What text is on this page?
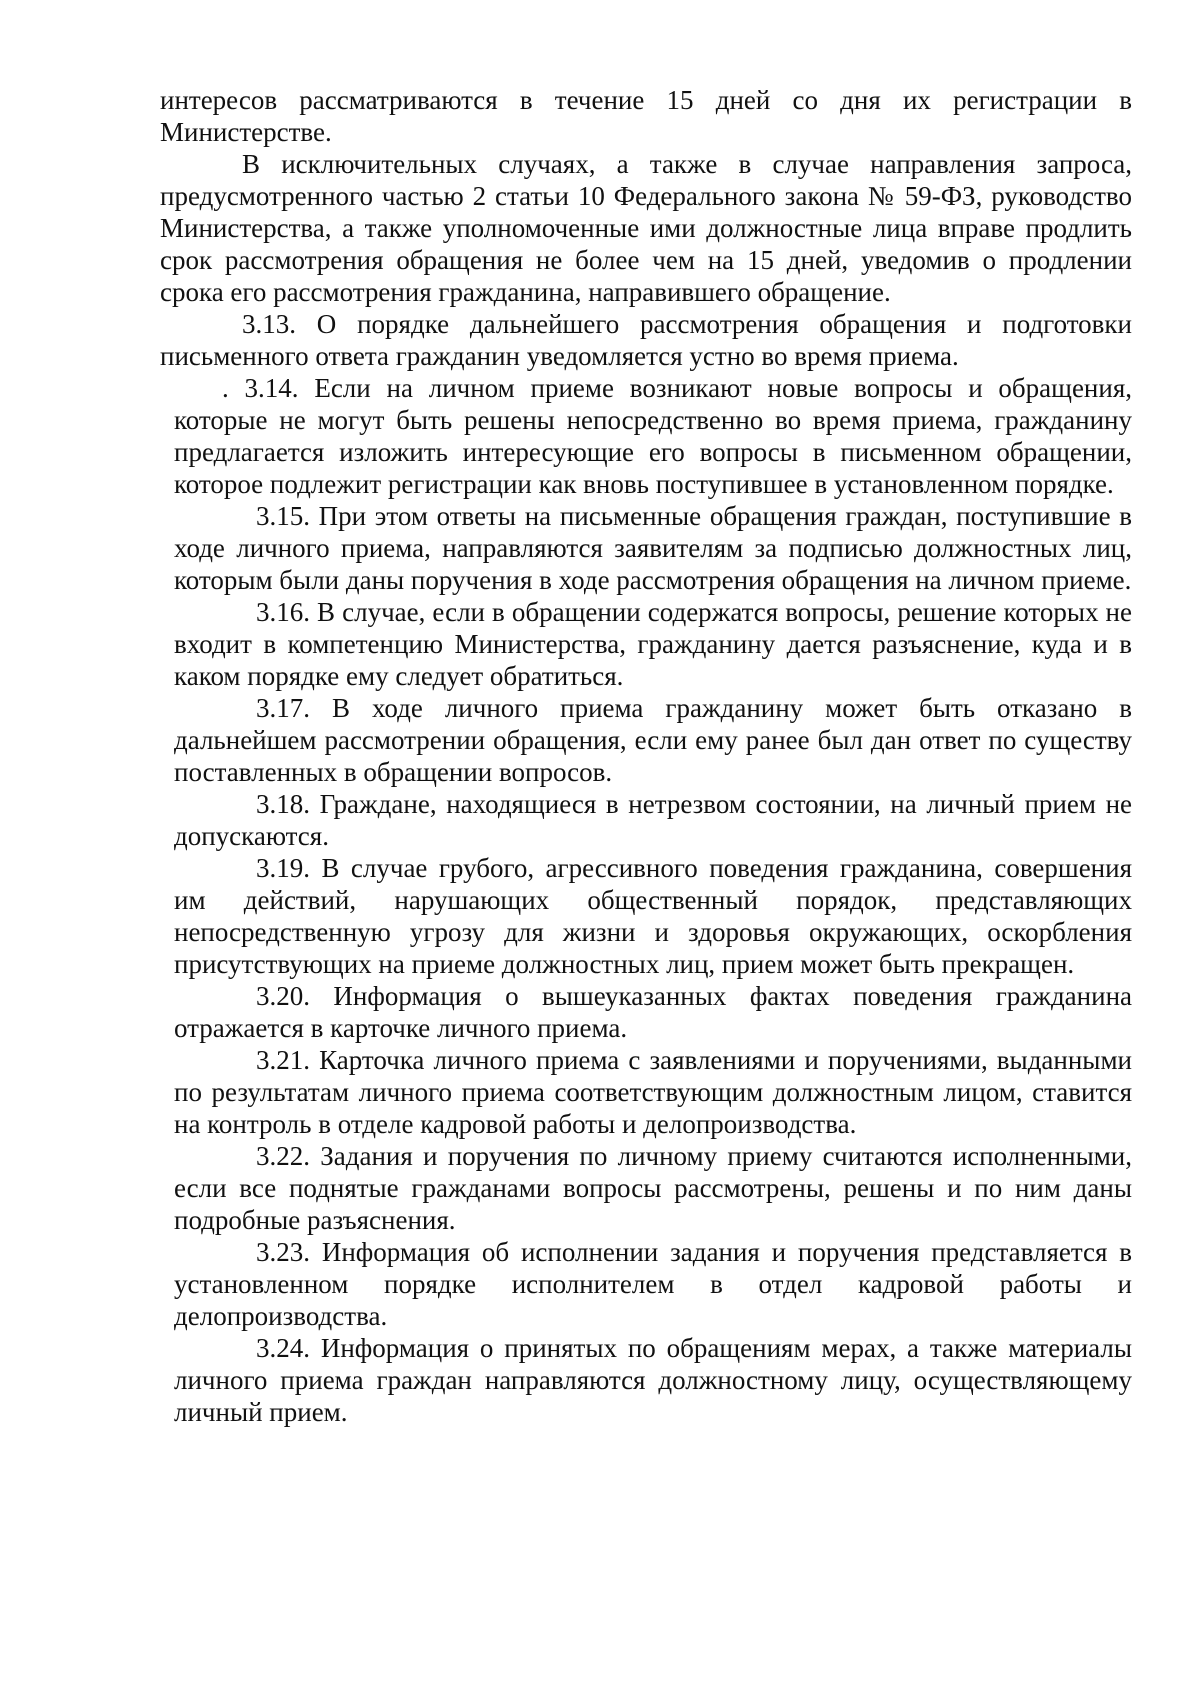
интересов рассматриваются в течение 15 дней со дня их регистрации в Министерстве.

В исключительных случаях, а также в случае направления запроса, предусмотренного частью 2 статьи 10 Федерального закона № 59-ФЗ, руководство Министерства, а также уполномоченные ими должностные лица вправе продлить срок рассмотрения обращения не более чем на 15 дней, уведомив о продлении срока его рассмотрения гражданина, направившего обращение.

3.13. О порядке дальнейшего рассмотрения обращения и подготовки письменного ответа гражданин уведомляется устно во время приема.

. 3.14. Если на личном приеме возникают новые вопросы и обращения, которые не могут быть решены непосредственно во время приема, гражданину предлагается изложить интересующие его вопросы в письменном обращении, которое подлежит регистрации как вновь поступившее в установленном порядке.

3.15. При этом ответы на письменные обращения граждан, поступившие в ходе личного приема, направляются заявителям за подписью должностных лиц, которым были даны поручения в ходе рассмотрения обращения на личном приеме.

3.16. В случае, если в обращении содержатся вопросы, решение которых не входит в компетенцию Министерства, гражданину дается разъяснение, куда и в каком порядке ему следует обратиться.

3.17. В ходе личного приема гражданину может быть отказано в дальнейшем рассмотрении обращения, если ему ранее был дан ответ по существу поставленных в обращении вопросов.

3.18. Граждане, находящиеся в нетрезвом состоянии, на личный прием не допускаются.

3.19. В случае грубого, агрессивного поведения гражданина, совершения им действий, нарушающих общественный порядок, представляющих непосредственную угрозу для жизни и здоровья окружающих, оскорбления присутствующих на приеме должностных лиц, прием может быть прекращен.

3.20. Информация о вышеуказанных фактах поведения гражданина отражается в карточке личного приема.

3.21. Карточка личного приема с заявлениями и поручениями, выданными по результатам личного приема соответствующим должностным лицом, ставится на контроль в отделе кадровой работы и делопроизводства.

3.22. Задания и поручения по личному приему считаются исполненными, если все поднятые гражданами вопросы рассмотрены, решены и по ним даны подробные разъяснения.

3.23. Информация об исполнении задания и поручения представляется в установленном порядке исполнителем в отдел кадровой работы и делопроизводства.

3.24. Информация о принятых по обращениям мерах, а также материалы личного приема граждан направляются должностному лицу, осуществляющему личный прием.
